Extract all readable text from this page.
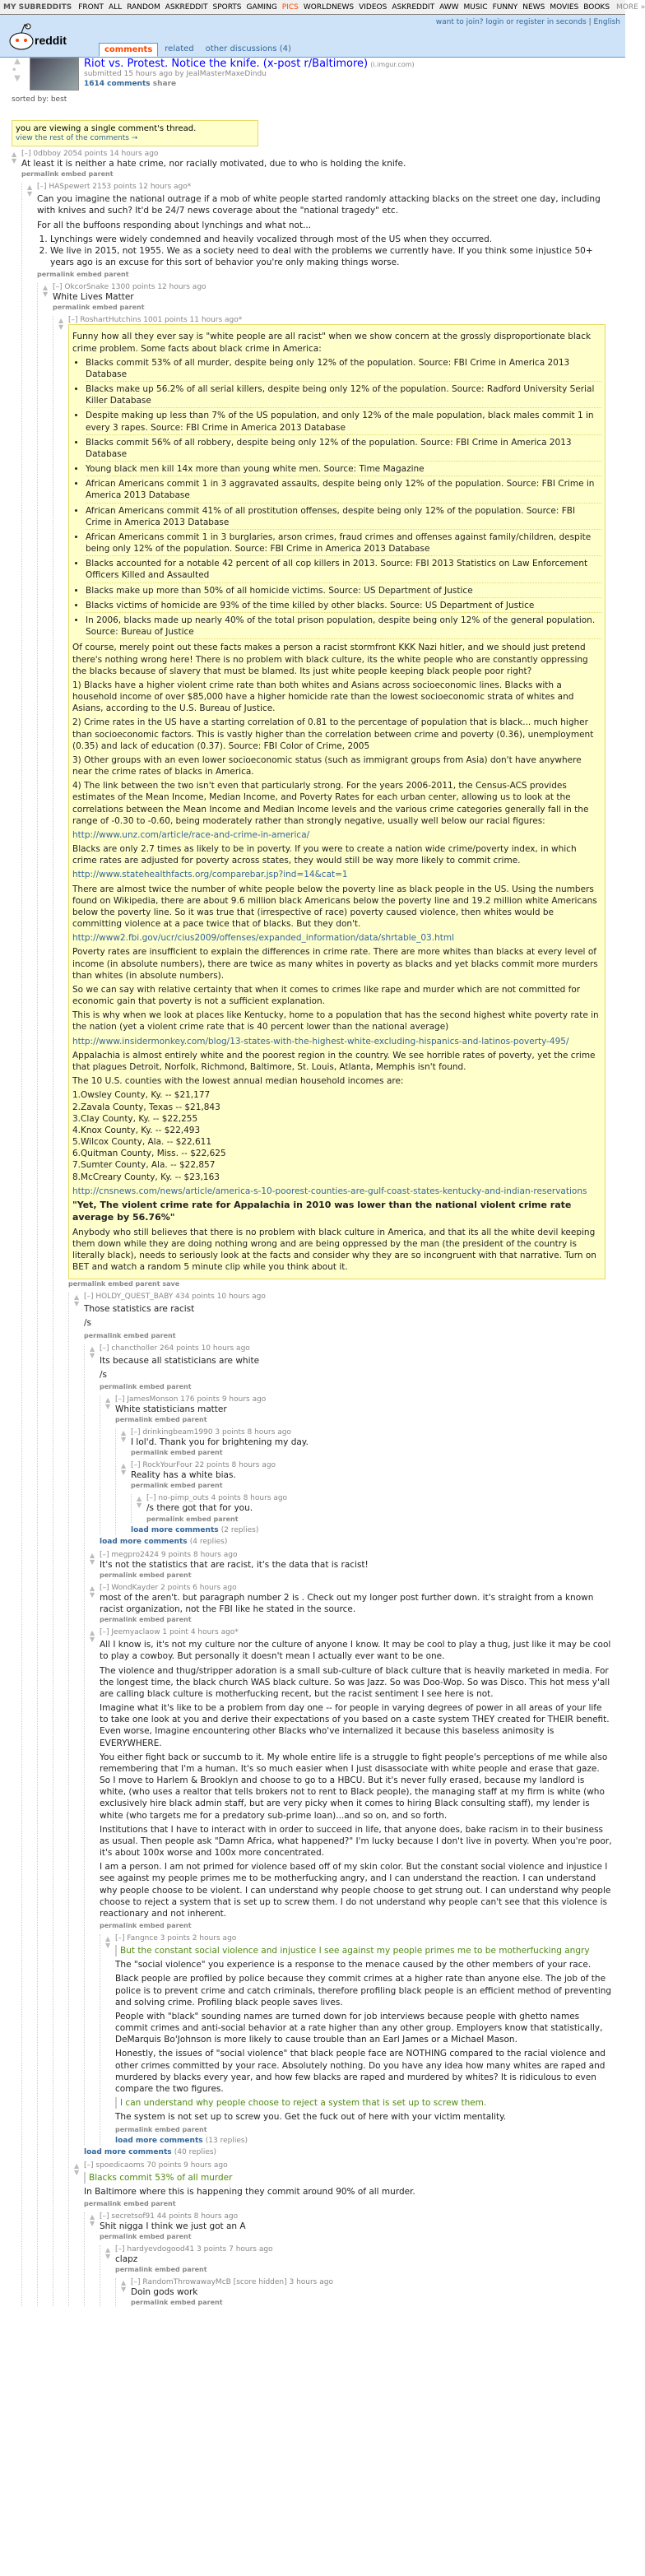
MY SUBREDDITS FRONT ALL RANDOM ASKREDDIT SPORTS GAMING PICS WORLDNEWS VIDEOS ASKREDDIT AWW MUSIC FUNNY NEWS MOVIES BOOKS MORE »
reddit
comments	related	other discussions (4)
want to join? login or register in seconds | English
▲
•
▼
Riot vs. Protest. Notice the knife. (x-post r/Baltimore) (i.imgur.com)
submitted 15 hours ago by JealMasterMaxeDindu
1614 comments share
sorted by: best
you are viewing a single comment's thread.
view the rest of the comments →
▲
▼
[–] 0dbboy 2054 points 14 hours ago
At least it is neither a hate crime, nor racially motivated, due to who is holding the knife.
permalink embed parent
▲
▼
[–] HASpewert 2153 points 12 hours ago*

Can you imagine the national outrage if a mob of white people started randomly attacking blacks on the street one day, including with knives and such? It'd be 24/7 news coverage about the "national tragedy" etc.

For all the buffoons responding about lynchings and what not...

1. Lynchings were widely condemned and heavily vocalized through most of the US when they occurred.
2. We live in 2015, not 1955. We as a society need to deal with the problems we currently have. If you think some injustice 50+ years ago is an excuse for this sort of behavior you're only making things worse.
permalink embed parent
▲
▼
[–] OkcorSnake 1300 points 12 hours ago
White Lives Matter
permalink embed parent
▲
▼
[–] RoshartHutchins 1001 points 11 hours ago*

Funny how all they ever say is "white people are all racist" when we show concern at the grossly disproportionate black crime problem. Some facts about black crime in America:

• Blacks commit 53% of all murder, despite being only 12% of the population. Source: FBI Crime in America 2013 Database
• Blacks make up 56.2% of all serial killers, despite being only 12% of the population. Source: Radford University Serial Killer Database
• Despite making up less than 7% of the US population, and only 12% of the male population, black males commit 1 in every 3 rapes. Source: FBI Crime in America 2013 Database
• Blacks commit 56% of all robbery, despite being only 12% of the population. Source: FBI Crime in America 2013 Database
• Young black men kill 14x more than young white men. Source: Time Magazine
• African Americans commit 1 in 3 aggravated assaults, despite being only 12% of the population. Source: FBI Crime in America 2013 Database
• African Americans commit 41% of all prostitution offenses, despite being only 12% of the population. Source: FBI Crime in America 2013 Database
• African Americans commit 1 in 3 burglaries, arson crimes, fraud crimes and offenses against family/children, despite being only 12% of the population. Source: FBI Crime in America 2013 Database
• Blacks accounted for a notable 42 percent of all cop killers in 2013. Source: FBI 2013 Statistics on Law Enforcement Officers Killed and Assaulted
• Blacks make up more than 50% of all homicide victims. Source: US Department of Justice
• Blacks victims of homicide are 93% of the time killed by other blacks. Source: US Department of Justice
• In 2006, blacks made up nearly 40% of the total prison population, despite being only 12% of the general population. Source: Bureau of Justice

Of course, merely point out these facts makes a person a racist stormfront KKK Nazi hitler, and we should just pretend there's nothing wrong here! There is no problem with black culture, its the white people who are constantly oppressing the blacks because of slavery that must be blamed. Its just white people keeping black people poor right?

1) Blacks have a higher violent crime rate than both whites and Asians across socioeconomic lines. Blacks with a household income of over $85,000 have a higher homicide rate than the lowest socioeconomic strata of whites and Asians, according to the U.S. Bureau of Justice.

2) Crime rates in the US have a starting correlation of 0.81 to the percentage of population that is black... much higher than socioeconomic factors. This is vastly higher than the correlation between crime and poverty (0.36), unemployment (0.35) and lack of education (0.37). Source: FBI Color of Crime, 2005

3) Other groups with an even lower socioeconomic status (such as immigrant groups from Asia) don't have anywhere near the crime rates of blacks in America.

4) The link between the two isn't even that particularly strong. For the years 2006-2011, the Census-ACS provides estimates of the Mean Income, Median Income, and Poverty Rates for each urban center, allowing us to look at the correlations between the Mean Income and Median Income levels and the various crime categories generally fall in the range of -0.30 to -0.60, being moderately rather than strongly negative, usually well below our racial figures:

http://www.unz.com/article/race-and-crime-in-america/

Blacks are only 2.7 times as likely to be in poverty. If you were to create a nation wide crime/poverty index, in which crime rates are adjusted for poverty across states, they would still be way more likely to commit crime.

http://www.statehealthfacts.org/comparebar.jsp?ind=14&cat=1

There are almost twice the number of white people below the poverty line as black people in the US. Using the numbers found on Wikipedia, there are about 9.6 million black Americans below the poverty line and 19.2 million white Americans below the poverty line. So it was true that (irrespective of race) poverty caused violence, then whites would be committing violence at a pace twice that of blacks. But they don't.

http://www2.fbi.gov/ucr/cius2009/offenses/expanded_information/data/shrtable_03.html

Poverty rates are insufficient to explain the differences in crime rate. There are more whites than blacks at every level of income (in absolute numbers), there are twice as many whites in poverty as blacks and yet blacks commit more murders than whites (in absolute numbers).

So we can say with relative certainty that when it comes to crimes like rape and murder which are not committed for economic gain that poverty is not a sufficient explanation.

This is why when we look at places like Kentucky, home to a population that has the second highest white poverty rate in the nation (yet a violent crime rate that is 40 percent lower than the national average)

http://www.insidermonkey.com/blog/13-states-with-the-highest-white-excluding-hispanics-and-latinos-poverty-495/

Appalachia is almost entirely white and the poorest region in the country. We see horrible rates of poverty, yet the crime that plagues Detroit, Norfolk, Richmond, Baltimore, St. Louis, Atlanta, Memphis isn't found.

The 10 U.S. counties with the lowest annual median household incomes are:

1.Owsley County, Ky. -- $21,177
2.Zavala County, Texas -- $21,843
3.Clay County, Ky. -- $22,255
4.Knox County, Ky. -- $22,493
5.Wilcox County, Ala. -- $22,611
6.Quitman County, Miss. -- $22,625
7.Sumter County, Ala. -- $22,857
8.McCreary County, Ky. -- $23,163

http://cnsnews.com/news/article/america-s-10-poorest-counties-are-gulf-coast-states-kentucky-and-indian-reservations

"Yet, The violent crime rate for Appalachia in 2010 was lower than the national violent crime rate average by 56.76%"

Anybody who still believes that there is no problem with black culture in America, and that its all the white devil keeping them down while they are doing nothing wrong and are being oppressed by the man (the president of the country is literally black), needs to seriously look at the facts and consider why they are so incongruent with that narrative. Turn on BET and watch a random 5 minute clip while you think about it.

permalink embed parent save
▲
▼
[–] HOLDY_QUEST_BABY 434 points 10 hours ago

Those statistics are racist

/s

permalink embed parent
▲
▼
[–] chanctholler 264 points 10 hours ago

Its because all statisticians are white

/s

permalink embed parent
▲
▼
[–] JamesMonson 176 points 9 hours ago
White statisticians matter
permalink embed parent
▲
▼
[–] drinkingbeam1990 3 points 8 hours ago
I lol'd. Thank you for brightening my day.
permalink embed parent
▲
▼
[–] RockYourFour 22 points 8 hours ago
Reality has a white bias.
permalink embed parent
▲
▼
[–] no-pimp_outs 4 points 8 hours ago
/s there got that for you.
permalink embed parent
load more comments (2 replies)
load more comments (4 replies)
▲
▼
[–] megpro2424 9 points 8 hours ago
It's not the statistics that are racist, it's the data that is racist!
permalink embed parent
▲
▼
[–] WondKayder 2 points 6 hours ago
most of the aren't. but paragraph number 2 is . Check out my longer post further down. it's straight from a known racist organization, not the FBI like he stated in the source.
permalink embed parent
▲
▼
[–] Jeemyaclaow 1 point 4 hours ago*

All I know is, it's not my culture nor the culture of anyone I know. It may be cool to play a thug, just like it may be cool to play a cowboy. But personally it doesn't mean I actually ever want to be one.

The violence and thug/stripper adoration is a small sub-culture of black culture that is heavily marketed in media. For the longest time, the black church WAS black culture. So was Jazz. So was Doo-Wop. So was Disco. This hot mess y'all are calling black culture is motherfucking recent, but the racist sentiment I see here is not.

Imagine what it's like to be a problem from day one -- for people in varying degrees of power in all areas of your life to take one look at you and derive their expectations of you based on a caste system THEY created for THEIR benefit. Even worse, Imagine encountering other Blacks who've internalized it because this baseless animosity is EVERYWHERE.

You either fight back or succumb to it. My whole entire life is a struggle to fight people's perceptions of me while also remembering that I'm a human. It's so much easier when I just disassociate with white people and erase that gaze. So I move to Harlem & Brooklyn and choose to go to a HBCU. But it's never fully erased, because my landlord is white, (who uses a realtor that tells brokers not to rent to Black people), the managing staff at my firm is white (who exclusively hire black admin staff, but are very picky when it comes to hiring Black consulting staff), my lender is white (who targets me for a predatory sub-prime loan)...and so on, and so forth.

Institutions that I have to interact with in order to succeed in life, that anyone does, bake racism in to their business as usual. Then people ask "Damn Africa, what happened?" I'm lucky because I don't live in poverty. When you're poor, it's about 100x worse and 100x more concentrated.

I am a person. I am not primed for violence based off of my skin color. But the constant social violence and injustice I see against my people primes me to be motherfucking angry, and I can understand the reaction. I can understand why people choose to be violent. I can understand why people choose to get strung out. I can understand why people choose to reject a system that is set up to screw them. I do not understand why people can't see that this violence is reactionary and not inherent.

permalink embed parent
▲
▼
[–] Fangnce 3 points 2 hours ago

But the constant social violence and injustice I see against my people primes me to be motherfucking angry

The "social violence" you experience is a response to the menace caused by the other members of your race.

Black people are profiled by police because they commit crimes at a higher rate than anyone else. The job of the police is to prevent crime and catch criminals, therefore profiling black people is an efficient method of preventing and solving crime. Profiling black people saves lives.

People with "black" sounding names are turned down for job interviews because people with ghetto names commit crimes and anti-social behavior at a rate higher than any other group. Employers know that statistically, DeMarquis Bo'Johnson is more likely to cause trouble than an Earl James or a Michael Mason.

Honestly, the issues of "social violence" that black people face are NOTHING compared to the racial violence and other crimes committed by your race. Absolutely nothing. Do you have any idea how many whites are raped and murdered by blacks every year, and how few blacks are raped and murdered by whites? It is ridiculous to even compare the two figures.

I can understand why people choose to reject a system that is set up to screw them.

The system is not set up to screw you. Get the fuck out of here with your victim mentality.

permalink embed parent
load more comments (13 replies)
load more comments (40 replies)
▲
▼
[–] spoedicaoms 70 points 9 hours ago

Blacks commit 53% of all murder

In Baltimore where this is happening they commit around 90% of all murder.

permalink embed parent
▲
▼
[–] secretsof91 44 points 8 hours ago
Shit nigga I think we just got an A
permalink embed parent
▲
▼
[–] hardyevdogood41 3 points 7 hours ago
clapz
permalink embed parent
▲
▼
[–] RandomThrowawayMcB [score hidden] 3 hours ago
Doin gods work
permalink embed parent
